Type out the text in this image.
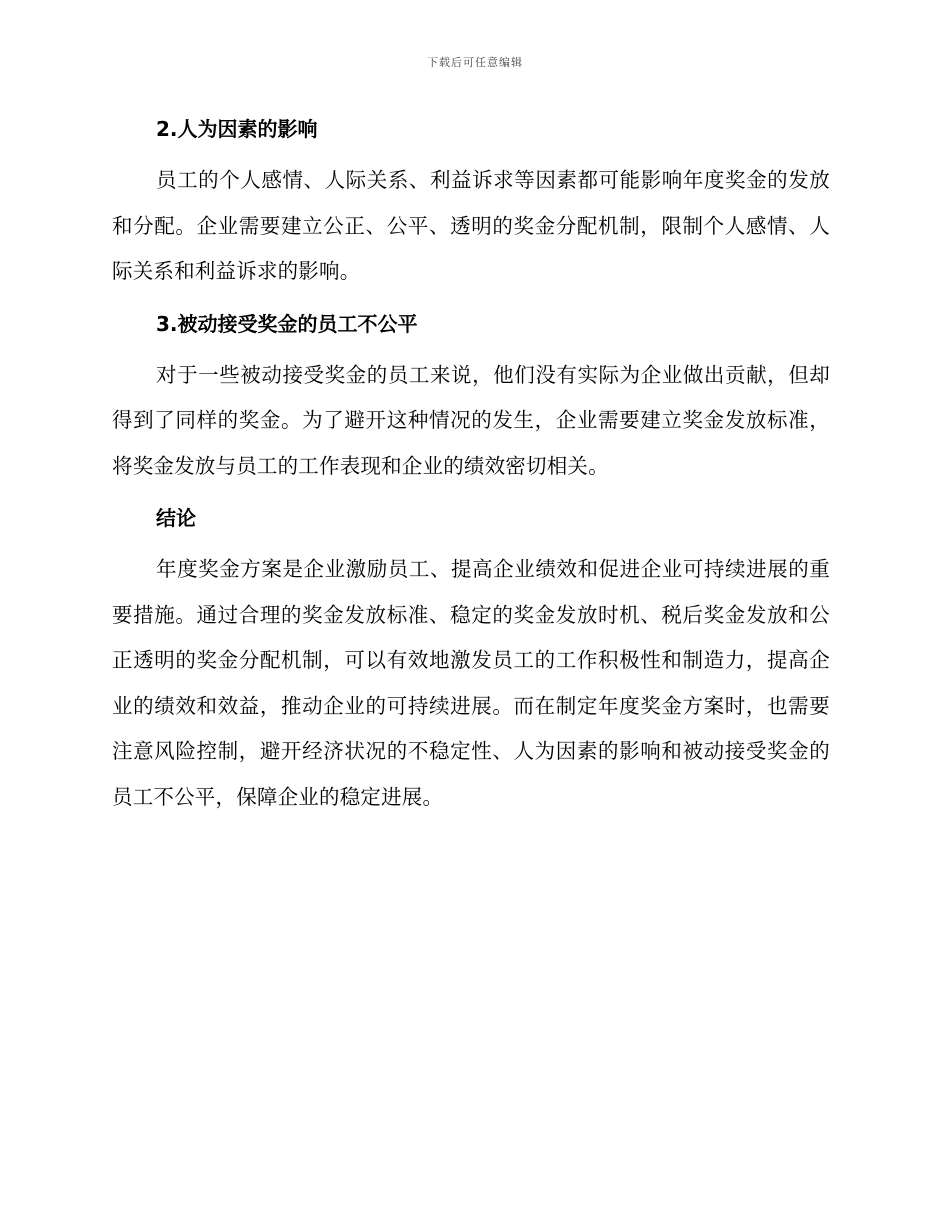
下载后可任意编辑
2.人为因素的影响

员工的个人感情、人际关系、利益诉求等因素都可能影响年度奖金的发放和分配。企业需要建立公正、公平、透明的奖金分配机制，限制个人感情、人际关系和利益诉求的影响。

3.被动接受奖金的员工不公平

对于一些被动接受奖金的员工来说，他们没有实际为企业做出贡献，但却得到了同样的奖金。为了避开这种情况的发生，企业需要建立奖金发放标准，将奖金发放与员工的工作表现和企业的绩效密切相关。

结论

年度奖金方案是企业激励员工、提高企业绩效和促进企业可持续进展的重要措施。通过合理的奖金发放标准、稳定的奖金发放时机、税后奖金发放和公正透明的奖金分配机制，可以有效地激发员工的工作积极性和制造力，提高企业的绩效和效益，推动企业的可持续进展。而在制定年度奖金方案时，也需要注意风险控制，避开经济状况的不稳定性、人为因素的影响和被动接受奖金的员工不公平，保障企业的稳定进展。
